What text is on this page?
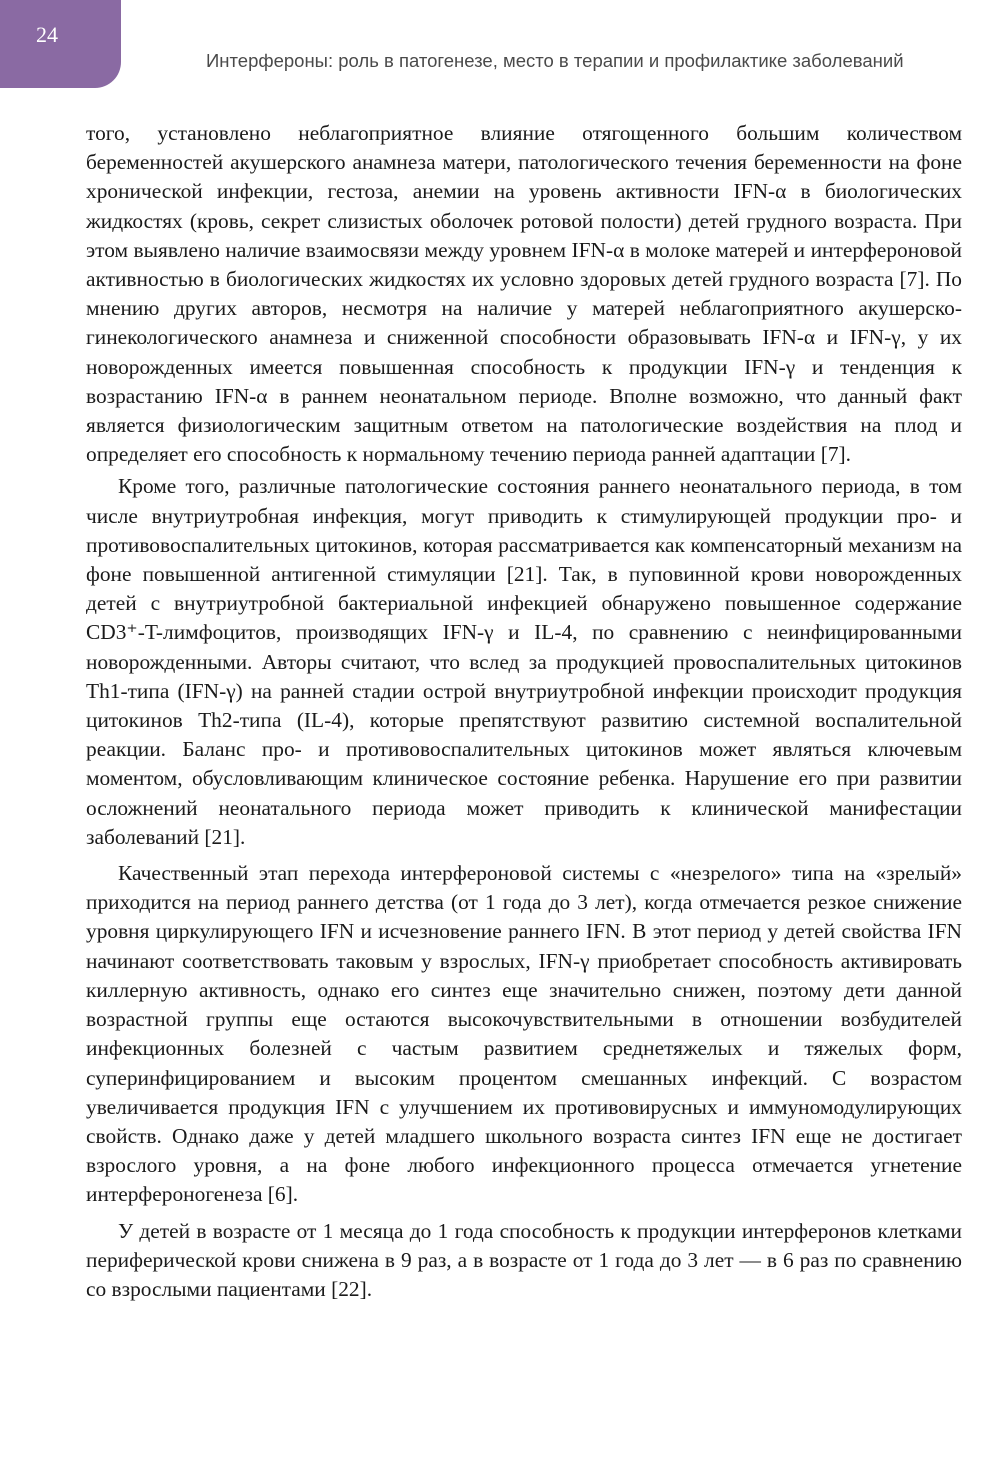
24
Интерфероны: роль в патогенезе, место в терапии и профилактике заболеваний

того, установлено неблагоприятное влияние отягощенного большим количеством беременностей акушерского анамнеза матери, патологического течения беременности на фоне хронической инфекции, гестоза, анемии на уровень активности IFN-α в биологических жидкостях (кровь, секрет слизистых оболочек ротовой полости) детей грудного возраста. При этом выявлено наличие взаимосвязи между уровнем IFN-α в молоке матерей и интерфероновой активностью в биологических жидкостях их условно здоровых детей грудного возраста [7]. По мнению других авторов, несмотря на наличие у матерей неблагоприятного акушерско-гинекологического анамнеза и сниженной способности образовывать IFN-α и IFN-γ, у их новорожденных имеется повышенная способность к продукции IFN-γ и тенденция к возрастанию IFN-α в раннем неонатальном периоде. Вполне возможно, что данный факт является физиологическим защитным ответом на патологические воздействия на плод и определяет его способность к нормальному течению периода ранней адаптации [7].

Кроме того, различные патологические состояния раннего неонатального периода, в том числе внутриутробная инфекция, могут приводить к стимулирующей продукции про- и противовоспалительных цитокинов, которая рассматривается как компенсаторный механизм на фоне повышенной антигенной стимуляции [21]. Так, в пуповинной крови новорожденных детей с внутриутробной бактериальной инфекцией обнаружено повышенное содержание CD3⁺-T-лимфоцитов, производящих IFN-γ и IL-4, по сравнению с неинфицированными новорожденными. Авторы считают, что вслед за продукцией провоспалительных цитокинов Th1-типа (IFN-γ) на ранней стадии острой внутриутробной инфекции происходит продукция цитокинов Th2-типа (IL-4), которые препятствуют развитию системной воспалительной реакции. Баланс про- и противовоспалительных цитокинов может являться ключевым моментом, обусловливающим клиническое состояние ребенка. Нарушение его при развитии осложнений неонатального периода может приводить к клинической манифестации заболеваний [21].

Качественный этап перехода интерфероновой системы с «незрелого» типа на «зрелый» приходится на период раннего детства (от 1 года до 3 лет), когда отмечается резкое снижение уровня циркулирующего IFN и исчезновение раннего IFN. В этот период у детей свойства IFN начинают соответствовать таковым у взрослых, IFN-γ приобретает способность активировать киллерную активность, однако его синтез еще значительно снижен, поэтому дети данной возрастной группы еще остаются высокочувствительными в отношении возбудителей инфекционных болезней с частым развитием среднетяжелых и тяжелых форм, суперинфицированием и высоким процентом смешанных инфекций. С возрастом увеличивается продукция IFN с улучшением их противовирусных и иммуномодулирующих свойств. Однако даже у детей младшего школьного возраста синтез IFN еще не достигает взрослого уровня, а на фоне любого инфекционного процесса отмечается угнетение интерфероногенеза [6].

У детей в возрасте от 1 месяца до 1 года способность к продукции интерферонов клетками периферической крови снижена в 9 раз, а в возрасте от 1 года до 3 лет — в 6 раз по сравнению со взрослыми пациентами [22].
